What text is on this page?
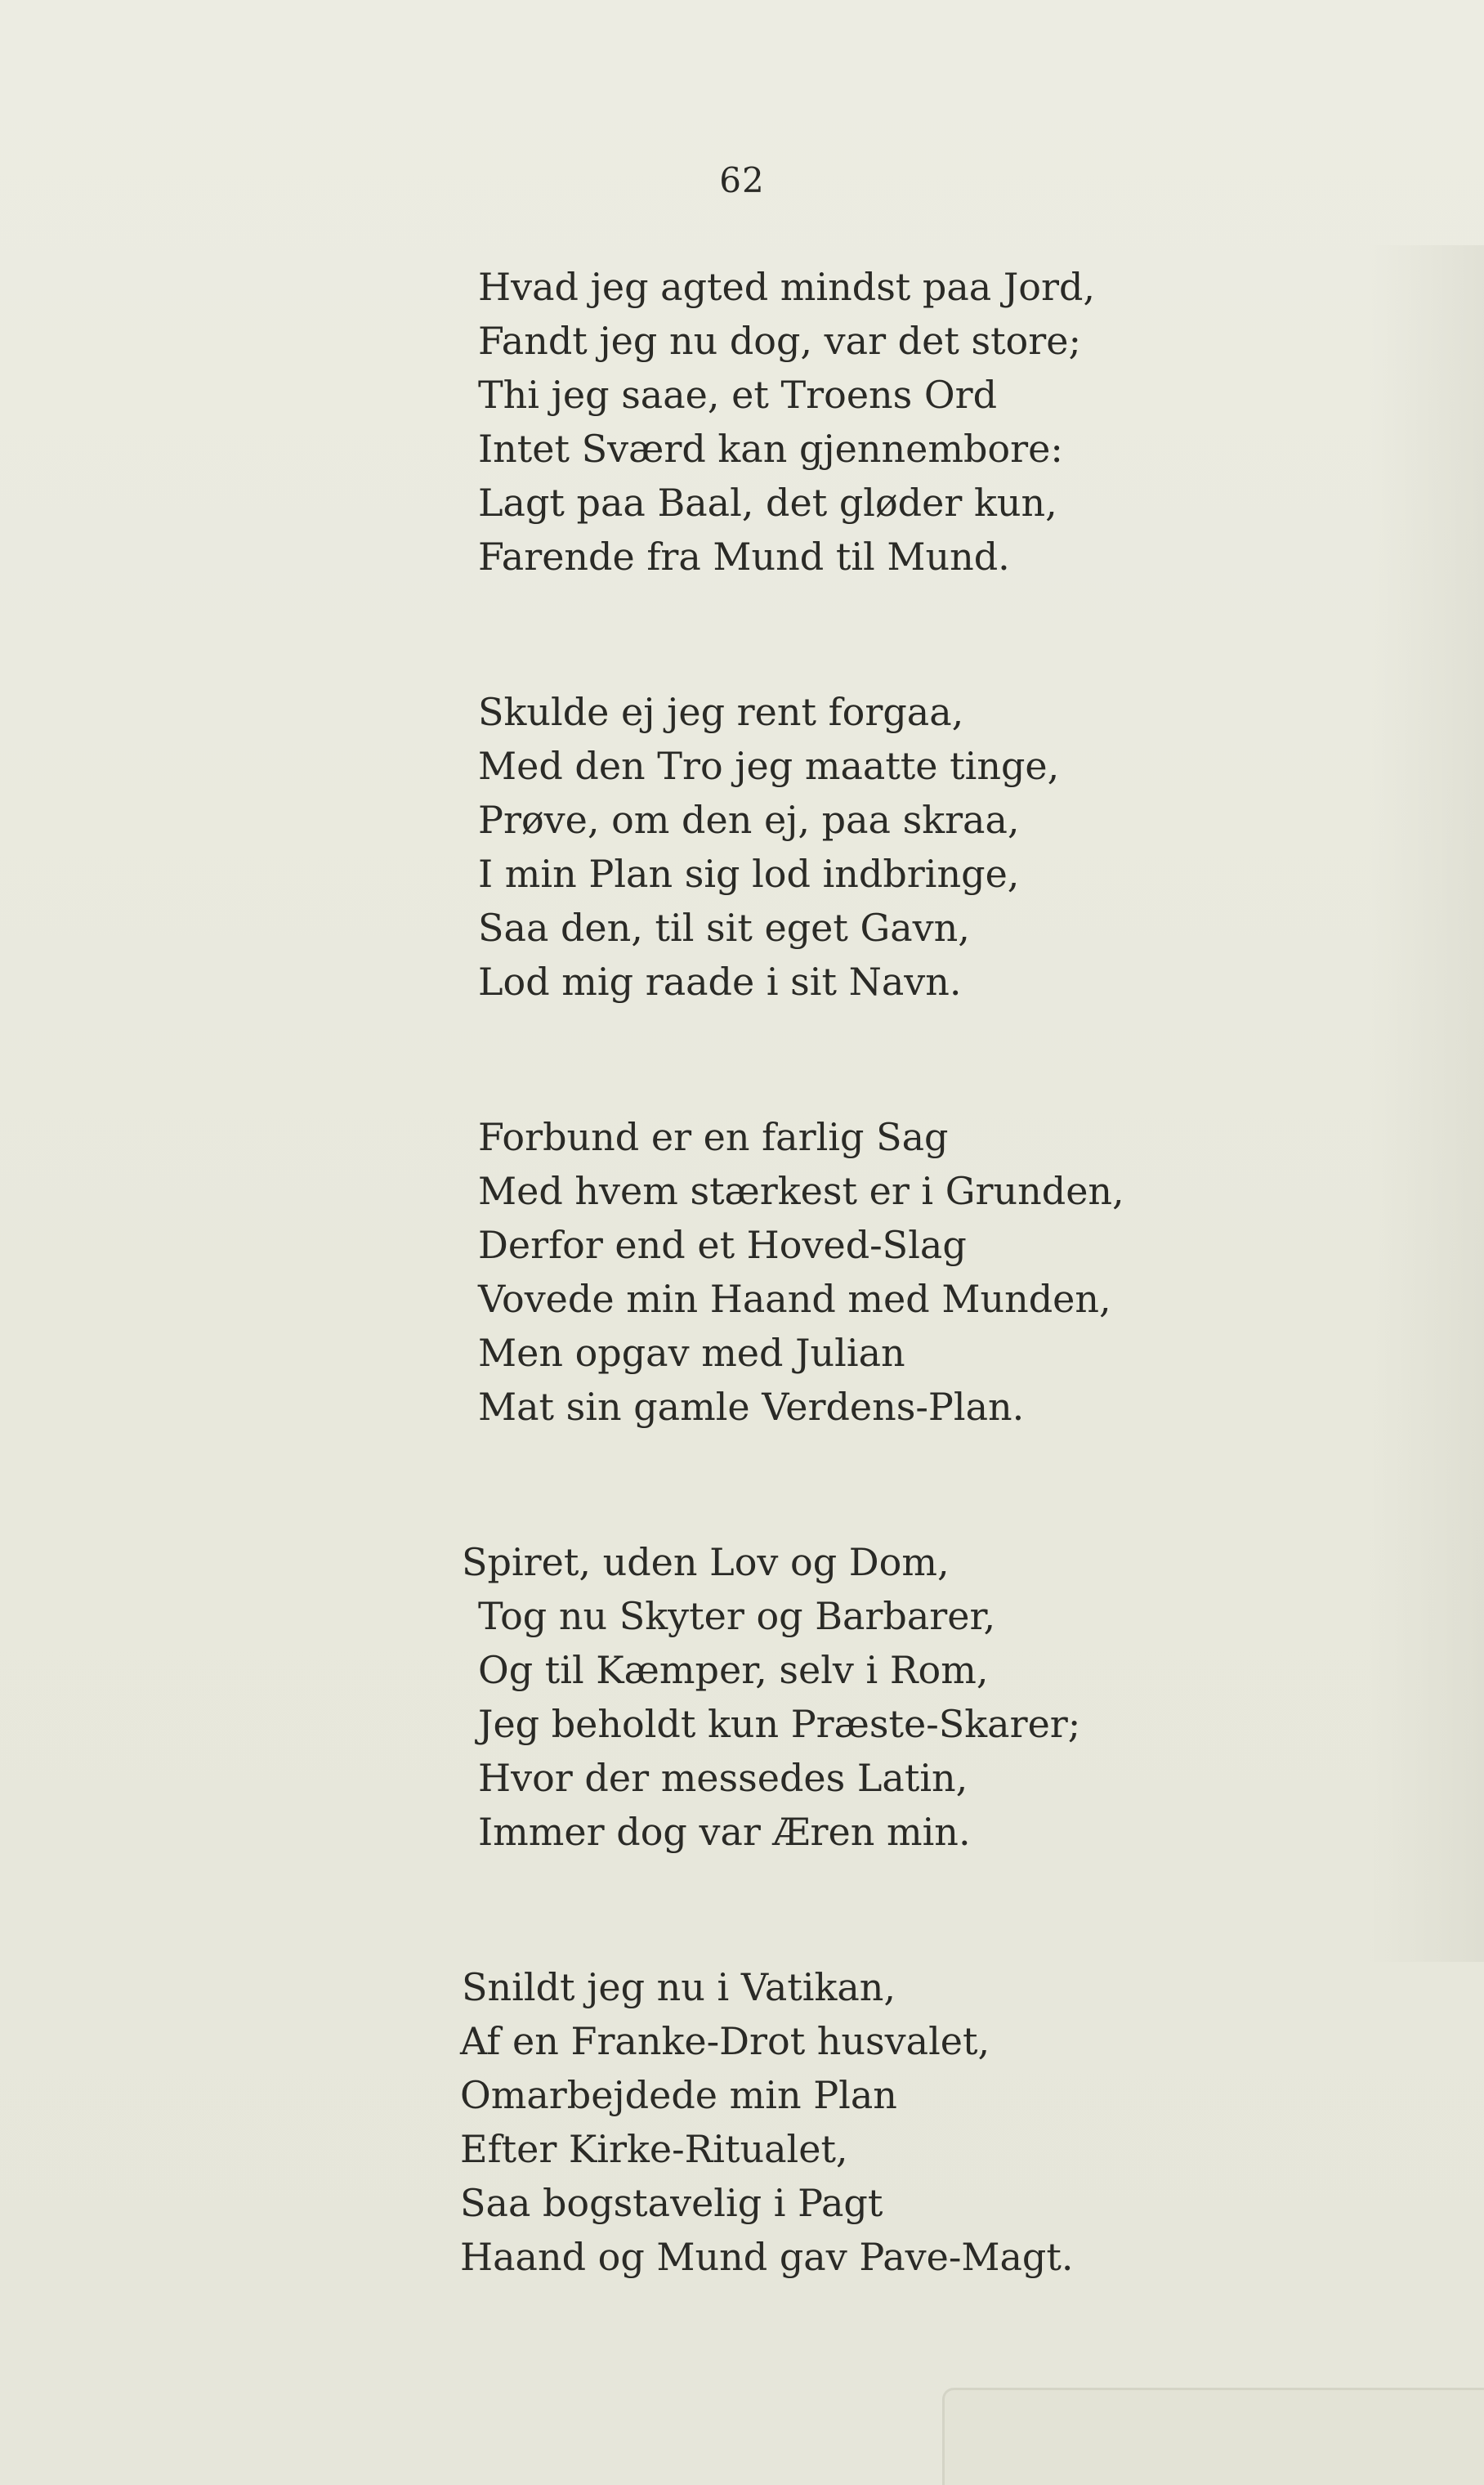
62
Hvad jeg agted mindst paa Jord,
Fandt jeg nu dog, var det store;
Thi jeg saae, et Troens Ord
Intet Sværd kan gjennembore:
Lagt paa Baal, det gløder kun,
Farende fra Mund til Mund.
Skulde ej jeg rent forgaa,
Med den Tro jeg maatte tinge,
Prøve, om den ej, paa skraa,
I min Plan sig lod indbringe,
Saa den, til sit eget Gavn,
Lod mig raade i sit Navn.
Forbund er en farlig Sag
Med hvem stærkest er i Grunden,
Derfor end et Hoved-Slag
Vovede min Haand med Munden,
Men opgav med Julian
Mat sin gamle Verdens-Plan.
Spiret, uden Lov og Dom,
Tog nu Skyter og Barbarer,
Og til Kæmper, selv i Rom,
Jeg beholdt kun Præste-Skarer;
Hvor der messedes Latin,
Immer dog var Æren min.
Snildt jeg nu i Vatikan,
Af en Franke-Drot husvalet,
Omarbejdede min Plan
Efter Kirke-Ritualet,
Saa bogstavelig i Pagt
Haand og Mund gav Pave-Magt.
